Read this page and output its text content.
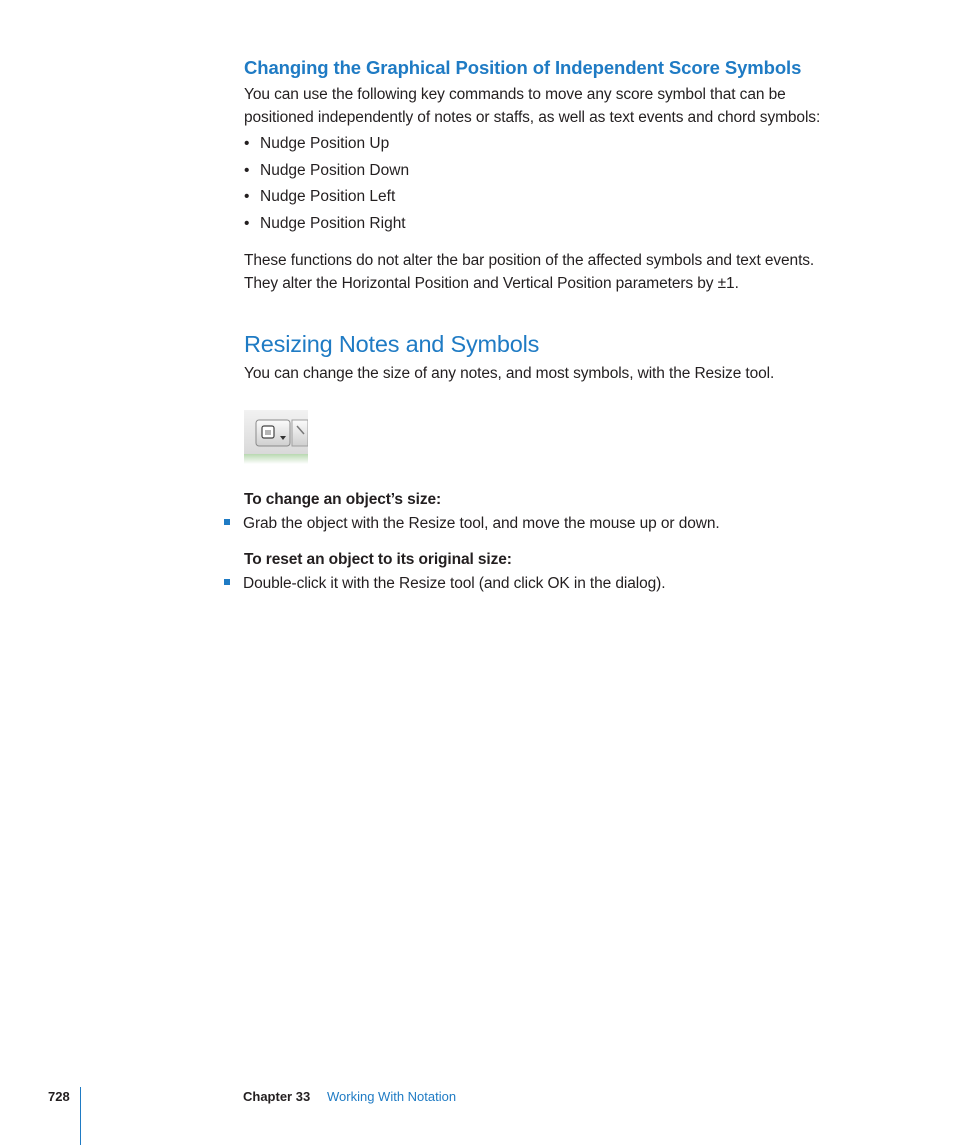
Changing the Graphical Position of Independent Score Symbols
You can use the following key commands to move any score symbol that can be
positioned independently of notes or staffs, as well as text events and chord symbols:
• Nudge Position Up
• Nudge Position Down
• Nudge Position Left
• Nudge Position Right
These functions do not alter the bar position of the affected symbols and text events.
They alter the Horizontal Position and Vertical Position parameters by ±1.
Resizing Notes and Symbols
You can change the size of any notes, and most symbols, with the Resize tool.
To change an object’s size:
Grab the object with the Resize tool, and move the mouse up or down.
To reset an object to its original size:
Double-click it with the Resize tool (and click OK in the dialog).
728	Chapter 33 Working With Notation
